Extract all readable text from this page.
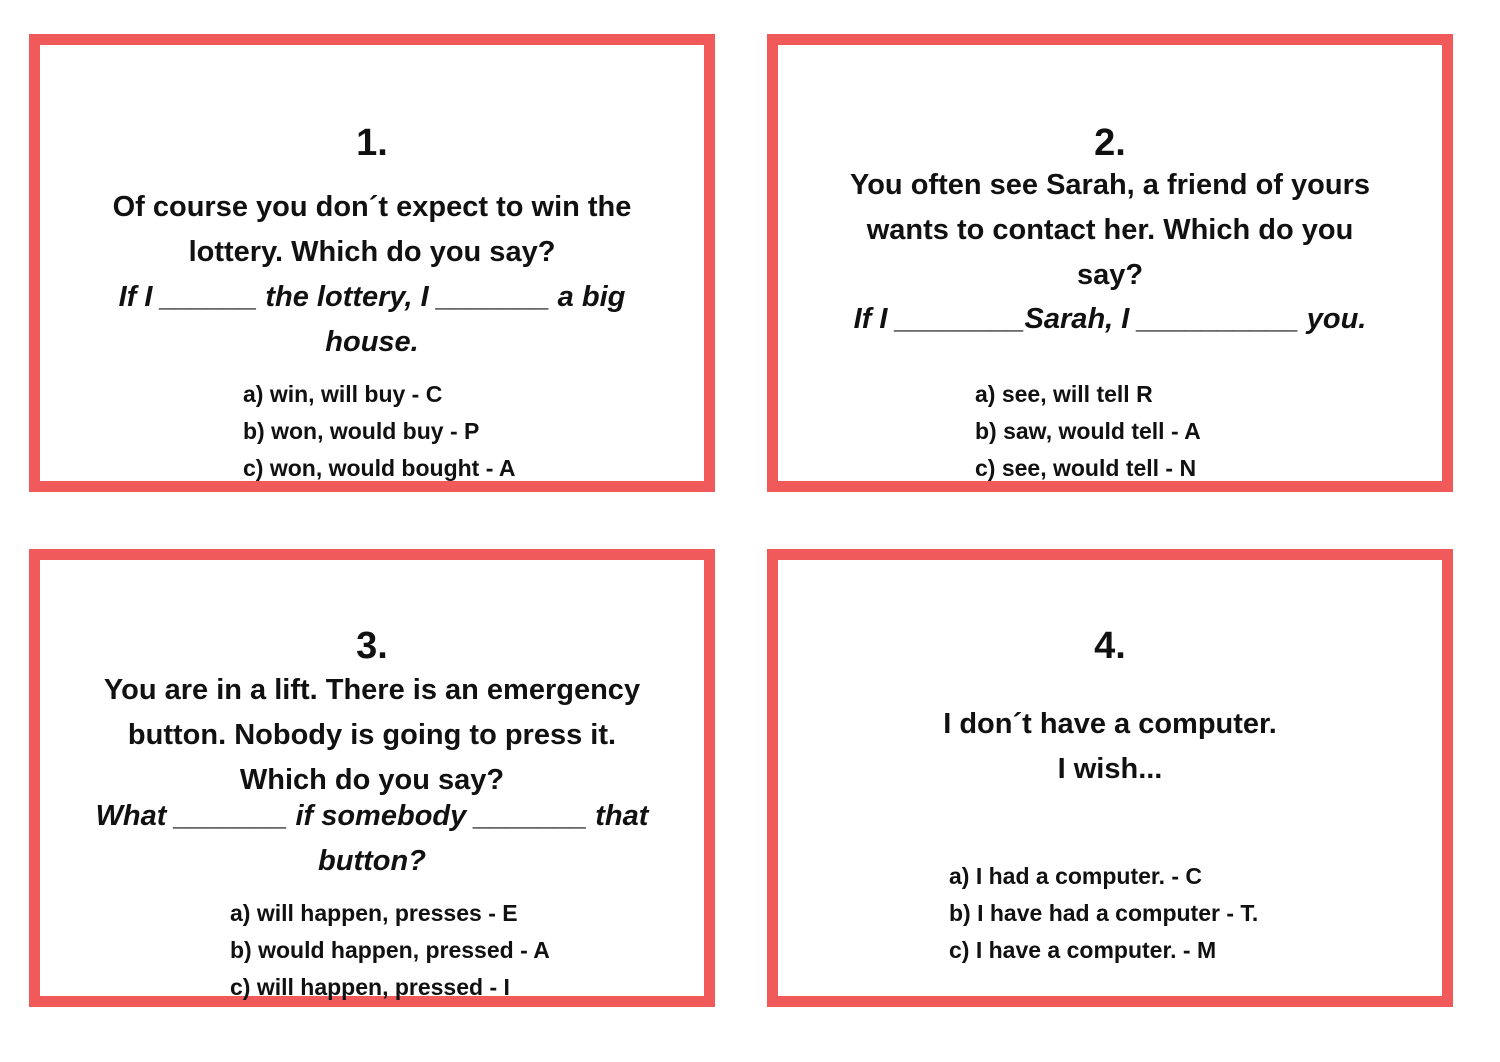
1.
Of course you don´t expect to win the
lottery. Which do you say?
If I ______ the lottery, I _______ a big
house.
a) win, will buy - C
b) won, would buy - P
c) won, would bought - A
2.
You often see Sarah, a friend of yours
wants to contact her. Which do you
say?
If I ________Sarah, I __________ you.
a) see, will tell R
b) saw, would tell - A
c) see, would tell - N
3.
You are in a lift. There is an emergency
button. Nobody is going to press it.
Which do you say?
What _______ if somebody _______ that
button?
a) will happen, presses - E
b) would happen, pressed - A
c) will happen, pressed - I
4.
I don´t have a computer.
I wish...
a) I had a computer. - C
b) I have had a computer - T.
c) I have a computer. - M
